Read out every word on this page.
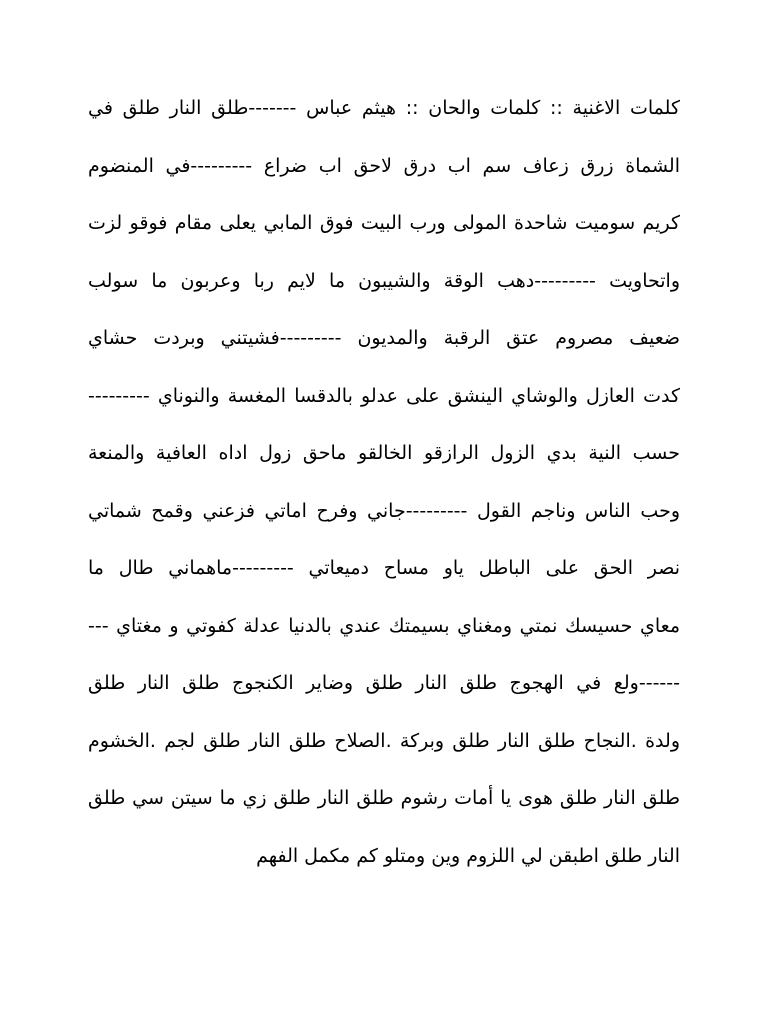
كلمات الاغنية :: كلمات والحان :: هيثم عباس -------طلق النار طلق في
الشماة زرق زعاف سم اب درق لاحق اب ضراع ---------في المنضوم
كريم سوميت شاحدة المولى ورب البيت فوق المابي يعلى مقام فوقو لزت
واتحاويت ---------دهب الوقة والشيبون ما لايم ربا وعربون ما سولب
ضعيف مصروم عتق الرقبة والمديون ---------فشيتني وبردت حشاي
كدت العازل والوشاي الينشق على عدلو بالدقسا المغسة والنوناي ---------
حسب النية بدي الزول الرازقو الخالقو ماحق زول اداه العافية والمنعة
وحب الناس وناجم القول ---------جاني وفرح اماتي فزعني وقمح شماتي
نصر الحق على الباطل ياو مساح دميعاتي ---------ماهماني طال ما
معاي حسيسك نمتي ومغناي بسيمتك عندي بالدنيا عدلة كفوتي و مغتاي ---
------ولع في الهجوج طلق النار طلق وضاير الكنجوج طلق النار طلق
ولدة .النجاح طلق النار طلق وبركة .الصلاح طلق النار طلق لجم .الخشوم
طلق النار طلق هوى يا أمات رشوم طلق النار طلق زي ما سيتن سي طلق
النار طلق اطبقن لي اللزوم وين ومتلو كم مكمل الفهم
